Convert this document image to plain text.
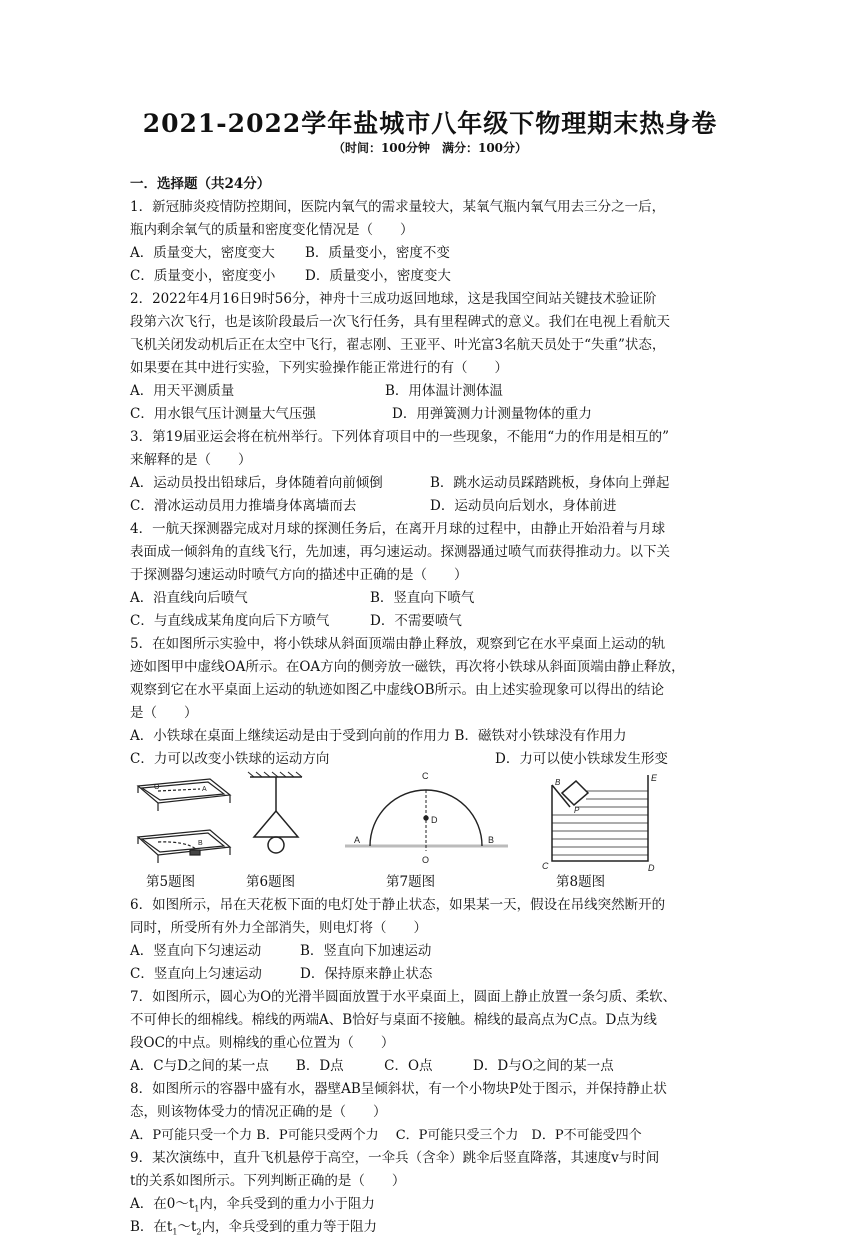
2021-2022学年盐城市八年级下物理期末热身卷
（时间：100分钟　满分：100分）
一．选择题（共24分）
1．新冠肺炎疫情防控期间，医院内氧气的需求量较大，某氧气瓶内氧气用去三分之一后，
瓶内剩余氧气的质量和密度变化情况是（　　）
A．质量变大，密度变大	B．质量变小，密度不变
C．质量变小，密度变小	D．质量变小，密度变大
2．2022年4月16日9时56分，神舟十三成功返回地球，这是我国空间站关键技术验证阶
段第六次飞行，也是该阶段最后一次飞行任务，具有里程碑式的意义。我们在电视上看航天
飞机关闭发动机后正在太空中飞行，翟志刚、王亚平、叶光富3名航天员处于“失重”状态，
如果要在其中进行实验，下列实验操作能正常进行的有（　　）
A．用天平测质量	B．用体温计测体温
C．用水银气压计测量大气压强	D．用弹簧测力计测量物体的重力
3．第19届亚运会将在杭州举行。下列体育项目中的一些现象，不能用“力的作用是相互的”
来解释的是（　　）
A．运动员投出铅球后，身体随着向前倾倒	B．跳水运动员踩踏跳板，身体向上弹起
C．滑冰运动员用力推墙身体离墙而去	D．运动员向后划水，身体前进
4．一航天探测器完成对月球的探测任务后，在离开月球的过程中，由静止开始沿着与月球
表面成一倾斜角的直线飞行，先加速，再匀速运动。探测器通过喷气而获得推动力。以下关
于探测器匀速运动时喷气方向的描述中正确的是（　　）
A．沿直线向后喷气	B．竖直向下喷气
C．与直线成某角度向后下方喷气	D．不需要喷气
5．在如图所示实验中，将小铁球从斜面顶端由静止释放，观察到它在水平桌面上运动的轨
迹如图甲中虚线OA所示。在OA方向的侧旁放一磁铁，再次将小铁球从斜面顶端由静止释放，
观察到它在水平桌面上运动的轨迹如图乙中虚线OB所示。由上述实验现象可以得出的结论
是（　　）
A．小铁球在桌面上继续运动是由于受到向前的作用力 B．磁铁对小铁球没有作用力
C．力可以改变小铁球的运动方向	D．力可以使小铁球发生形变
O	A
B
C
D
A	B
O
E
B
P
C	D
第5题图	第6题图	第7题图	第8题图
6．如图所示，吊在天花板下面的电灯处于静止状态，如果某一天，假设在吊线突然断开的
同时，所受所有外力全部消失，则电灯将（　　）
A．竖直向下匀速运动	B．竖直向下加速运动
C．竖直向上匀速运动	D．保持原来静止状态
7．如图所示，圆心为O的光滑半圆面放置于水平桌面上，圆面上静止放置一条匀质、柔软、
不可伸长的细棉线。棉线的两端A、B恰好与桌面不接触。棉线的最高点为C点。D点为线
段OC的中点。则棉线的重心位置为（　　）
A．C与D之间的某一点　　B．D点　　　C．O点　　　D．D与O之间的某一点
8．如图所示的容器中盛有水，器壁AB呈倾斜状，有一个小物块P处于图示，并保持静止状
态，则该物体受力的情况正确的是（　　）
A．P可能只受一个力 B．P可能只受两个力　 C．P可能只受三个力　D．P不可能受四个
9．某次演练中，直升飞机悬停于高空，一伞兵（含伞）跳伞后竖直降落，其速度v与时间
t的关系如图所示。下列判断正确的是（　　）
A．在$0\sim t_1$内，伞兵受到的重力小于阻力
B．在$t_1\sim t_2$内，伞兵受到的重力等于阻力
